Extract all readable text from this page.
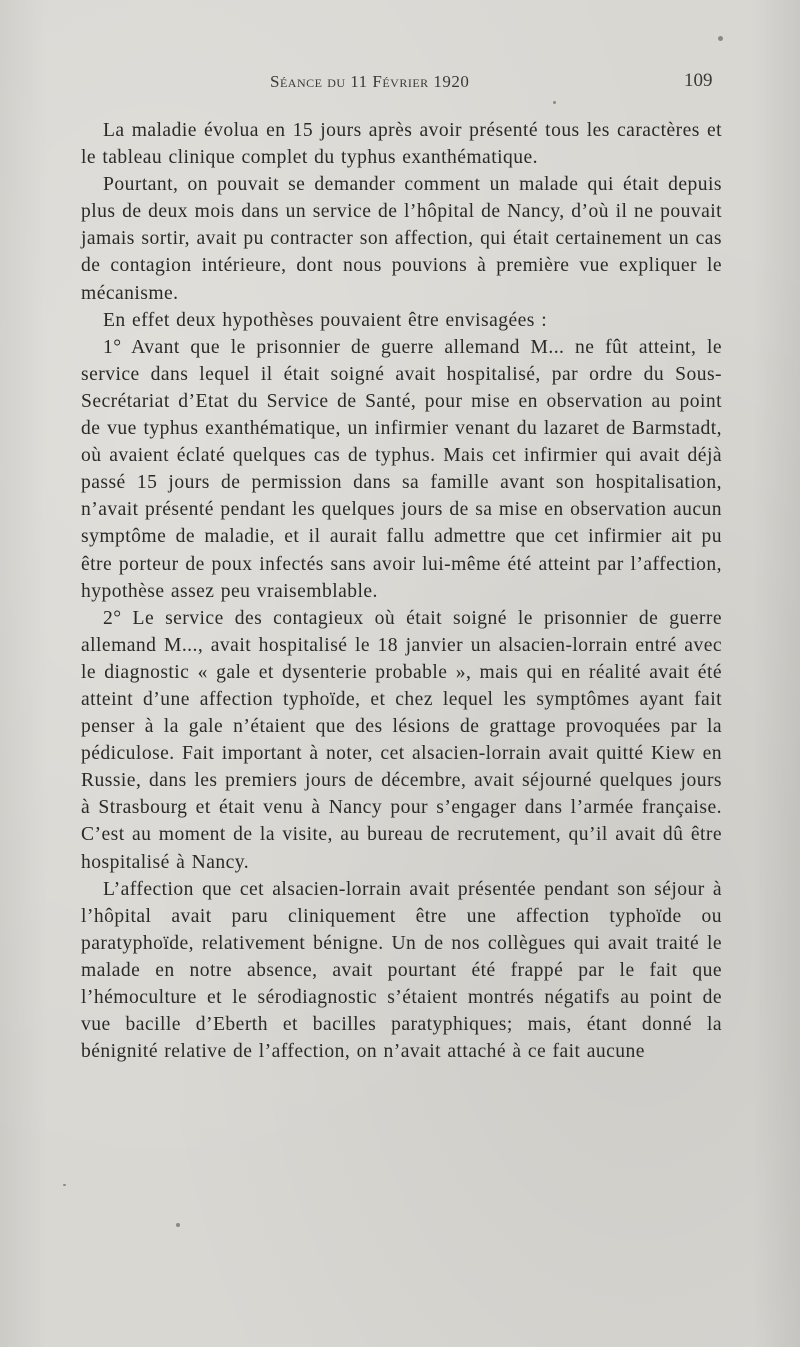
Séance du 11 Février 1920	109

La maladie évolua en 15 jours après avoir présenté tous les caractères et le tableau clinique complet du typhus exanthématique.

Pourtant, on pouvait se demander comment un malade qui était depuis plus de deux mois dans un service de l’hôpital de Nancy, d’où il ne pouvait jamais sortir, avait pu contracter son affection, qui était certainement un cas de contagion intérieure, dont nous pouvions à première vue expliquer le mécanisme.

En effet deux hypothèses pouvaient être envisagées :

1° Avant que le prisonnier de guerre allemand M... ne fût atteint, le service dans lequel il était soigné avait hospitalisé, par ordre du Sous-Secrétariat d’Etat du Service de Santé, pour mise en observation au point de vue typhus exanthématique, un infirmier venant du lazaret de Barmstadt, où avaient éclaté quelques cas de typhus. Mais cet infirmier qui avait déjà passé 15 jours de permission dans sa famille avant son hospitalisation, n’avait présenté pendant les quelques jours de sa mise en observation aucun symptôme de maladie, et il aurait fallu admettre que cet infirmier ait pu être porteur de poux infectés sans avoir lui-même été atteint par l’affection, hypothèse assez peu vraisemblable.

2° Le service des contagieux où était soigné le prisonnier de guerre allemand M..., avait hospitalisé le 18 janvier un alsacien-lorrain entré avec le diagnostic « gale et dysenterie probable », mais qui en réalité avait été atteint d’une affection typhoïde, et chez lequel les symptômes ayant fait penser à la gale n’étaient que des lésions de grattage provoquées par la pédiculose. Fait important à noter, cet alsacien-lorrain avait quitté Kiew en Russie, dans les premiers jours de décembre, avait séjourné quelques jours à Strasbourg et était venu à Nancy pour s’engager dans l’armée française. C’est au moment de la visite, au bureau de recrutement, qu’il avait dû être hospitalisé à Nancy.

L’affection que cet alsacien-lorrain avait présentée pendant son séjour à l’hôpital avait paru cliniquement être une affection typhoïde ou paratyphoïde, relativement bénigne. Un de nos collègues qui avait traité le malade en notre absence, avait pourtant été frappé par le fait que l’hémoculture et le sérodiagnostic s’étaient montrés négatifs au point de vue bacille d’Eberth et bacilles paratyphiques; mais, étant donné la bénignité relative de l’affection, on n’avait attaché à ce fait aucune
